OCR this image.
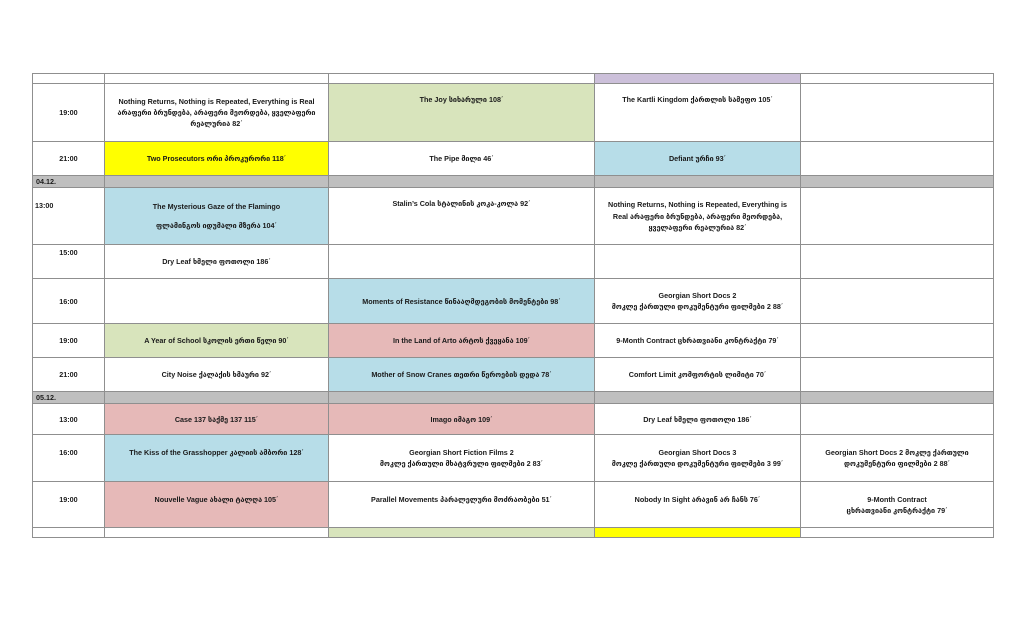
19:00	Nothing Returns, Nothing is Repeated, Everything is Real
არაფერი ბრუნდება, არაფერი მეორდება, ყველაფერი რეალურია 82΄	The Joy სიხარული 108΄	The Kartli Kingdom ქართლის სამეფო 105΄	
21:00	Two Prosecutors ორი პროკურორი 118΄	The Pipe მილი 46΄	Defiant ურჩი 93΄	
04.12.				
13:00	The Mysterious Gaze of the Flamingo
ფლამინგოს იდუმალი მზერა 104΄	Stalin’s Cola სტალინის კოკა-კოლა 92΄	Nothing Returns, Nothing is Repeated, Everything is Real არაფერი ბრუნდება, არაფერი მეორდება, ყველაფერი რეალურია 82΄	
15:00	Dry Leaf ხმელი ფოთოლი 186΄			
16:00		Moments of Resistance წინააღმდეგობის მომენტები 98΄	Georgian Short Docs 2
მოკლე ქართული დოკუმენტური ფილმები 2 88΄	
19:00	A Year of School სკოლის ერთი წელი 90΄	In the Land of Arto არტოს ქვეყანა 109΄	9-Month Contract ცხრათვიანი კონტრაქტი 79΄	
21:00	City Noise ქალაქის ხმაური 92΄	Mother of Snow Cranes თეთრი წეროების დედა 78΄	Comfort Limit კომფორტის ლიმიტი 70΄	
05.12.				
13:00	Case 137 საქმე 137 115΄	Imago იმაგო 109΄	Dry Leaf ხმელი ფოთოლი 186΄	
16:00	The Kiss of the Grasshopper კალიის ამბორი 128΄	Georgian Short Fiction Films 2
მოკლე ქართული მხატვრული ფილმები 2 83΄	Georgian Short Docs 3
მოკლე ქართული დოკუმენტური ფილმები 3 99΄	Georgian Short Docs 2 მოკლე ქართული დოკუმენტური ფილმები 2 88΄
19:00	Nouvelle Vague ახალი ტალღა 105΄	Parallel Movements პარალელური მოძრაობები 51΄	Nobody In Sight არავინ არ ჩანს 76΄	9-Month Contract
ცხრათვიანი კონტრაქტი 79΄
